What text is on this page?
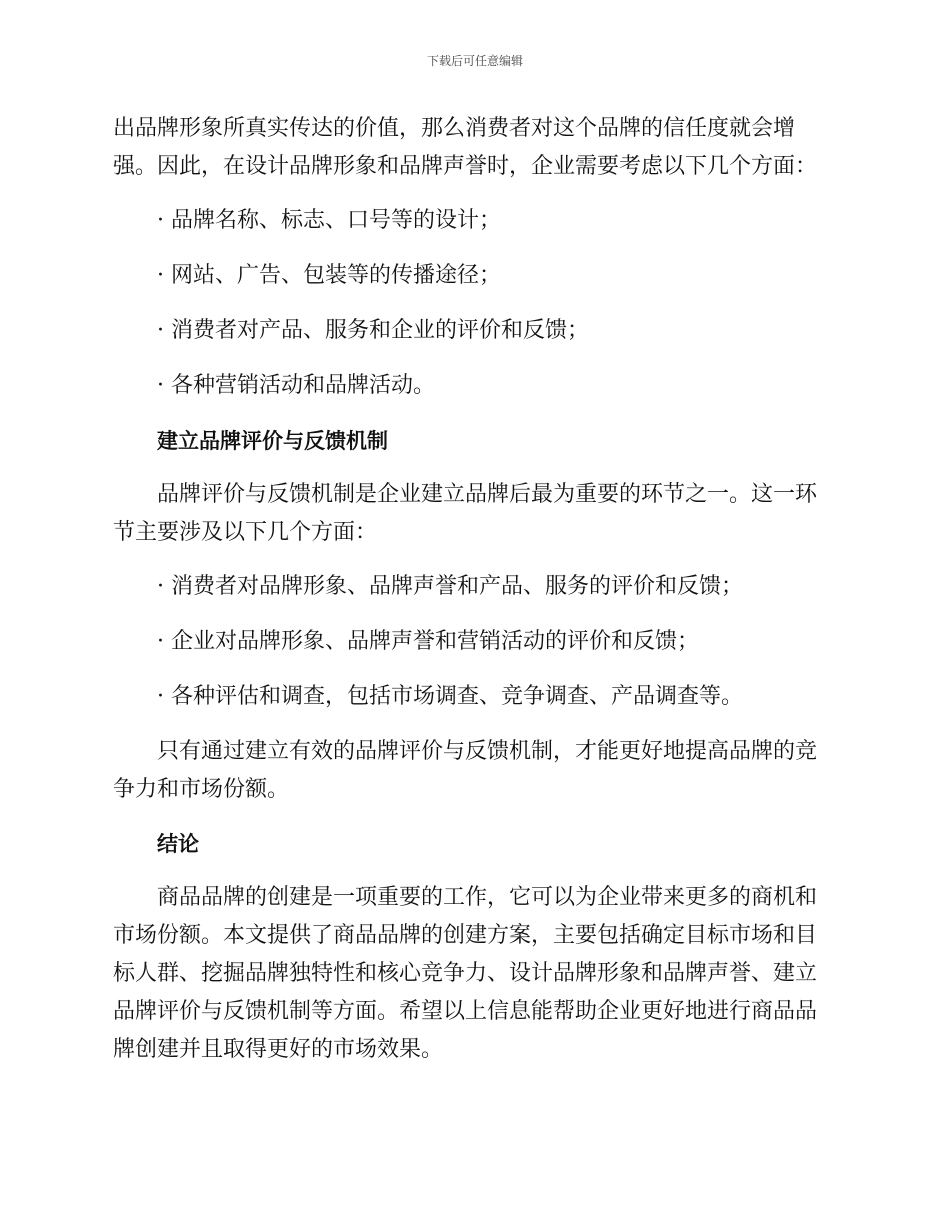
下载后可任意编辑

出品牌形象所真实传达的价值，那么消费者对这个品牌的信任度就会增强。因此，在设计品牌形象和品牌声誉时，企业需要考虑以下几个方面：

· 品牌名称、标志、口号等的设计；
· 网站、广告、包装等的传播途径；
· 消费者对产品、服务和企业的评价和反馈；
· 各种营销活动和品牌活动。
建立品牌评价与反馈机制

品牌评价与反馈机制是企业建立品牌后最为重要的环节之一。这一环节主要涉及以下几个方面：

· 消费者对品牌形象、品牌声誉和产品、服务的评价和反馈；
· 企业对品牌形象、品牌声誉和营销活动的评价和反馈；
· 各种评估和调查，包括市场调查、竞争调查、产品调查等。

只有通过建立有效的品牌评价与反馈机制，才能更好地提高品牌的竞争力和市场份额。

结论

商品品牌的创建是一项重要的工作，它可以为企业带来更多的商机和市场份额。本文提供了商品品牌的创建方案，主要包括确定目标市场和目标人群、挖掘品牌独特性和核心竞争力、设计品牌形象和品牌声誉、建立品牌评价与反馈机制等方面。希望以上信息能帮助企业更好地进行商品品牌创建并且取得更好的市场效果。
